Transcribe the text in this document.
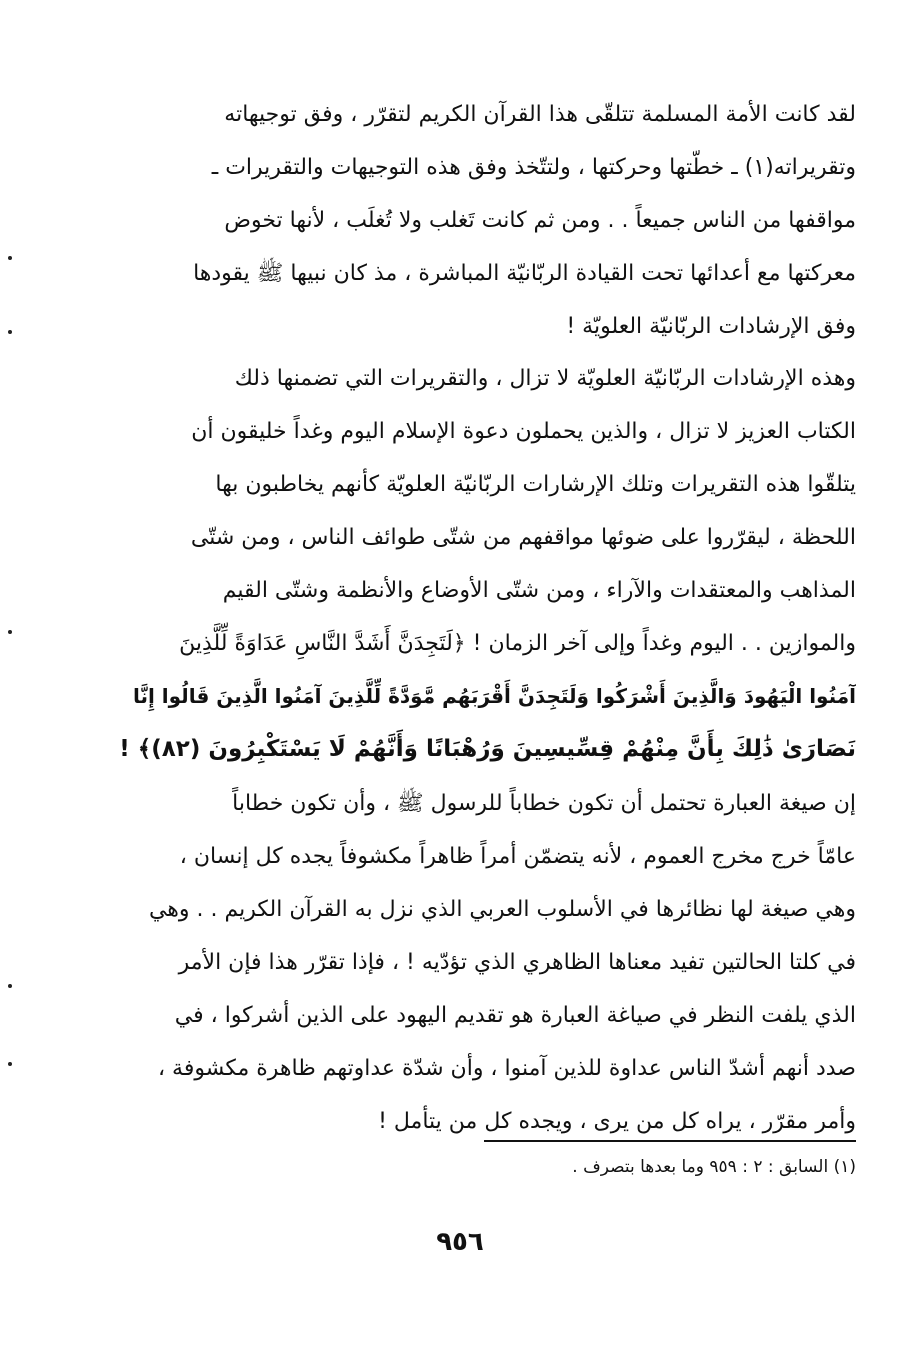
لقد كانت الأمة المسلمة تتلقّى هذا القرآن الكريم لتقرّر ، وفق توجيهاته
وتقريراته(١) ـ خطّتها وحركتها ، ولتتّخذ وفق هذه التوجيهات والتقريرات ـ
مواقفها من الناس جميعاً . . ومن ثم كانت تَغلب ولا تُغلَب ، لأنها تخوض
معركتها مع أعدائها تحت القيادة الربّانيّة المباشرة ، مذ كان نبيها ﷺ يقودها
وفق الإرشادات الربّانيّة العلويّة !
وهذه الإرشادات الربّانيّة العلويّة لا تزال ، والتقريرات التي تضمنها ذلك
الكتاب العزيز لا تزال ، والذين يحملون دعوة الإسلام اليوم وغداً خليقون أن
يتلقّوا هذه التقريرات وتلك الإرشارات الربّانيّة العلويّة كأنهم يخاطبون بها
اللحظة ، ليقرّروا على ضوئها مواقفهم من شتّى طوائف الناس ، ومن شتّى
المذاهب والمعتقدات والآراء ، ومن شتّى الأوضاع والأنظمة وشتّى القيم
والموازين . . اليوم وغداً وإلى آخر الزمان ! ﴿لَتَجِدَنَّ أَشَدَّ النَّاسِ عَدَاوَةً لِّلَّذِينَ
آمَنُوا الْيَهُودَ وَالَّذِينَ أَشْرَكُوا وَلَتَجِدَنَّ أَقْرَبَهُم مَّوَدَّةً لِّلَّذِينَ آمَنُوا الَّذِينَ قَالُوا إِنَّا
نَصَارَىٰ ذَٰلِكَ بِأَنَّ مِنْهُمْ قِسِّيسِينَ وَرُهْبَانًا وَأَنَّهُمْ لَا يَسْتَكْبِرُونَ (٨٢)﴾ !
إن صيغة العبارة تحتمل أن تكون خطاباً للرسول ﷺ ، وأن تكون خطاباً
عامّاً خرج مخرج العموم ، لأنه يتضمّن أمراً ظاهراً مكشوفاً يجده كل إنسان ،
وهي صيغة لها نظائرها في الأسلوب العربي الذي نزل به القرآن الكريم . . وهي
في كلتا الحالتين تفيد معناها الظاهري الذي تؤدّيه ! ، فإذا تقرّر هذا فإن الأمر
الذي يلفت النظر في صياغة العبارة هو تقديم اليهود على الذين أشركوا ، في
صدد أنهم أشدّ الناس عداوة للذين آمنوا ، وأن شدّة عداوتهم ظاهرة مكشوفة ،
وأمر مقرّر ، يراه كل من يرى ، ويجده كل من يتأمل !
(١) السابق : ٢ : ٩٥٩ وما بعدها بتصرف .
٩٥٦
